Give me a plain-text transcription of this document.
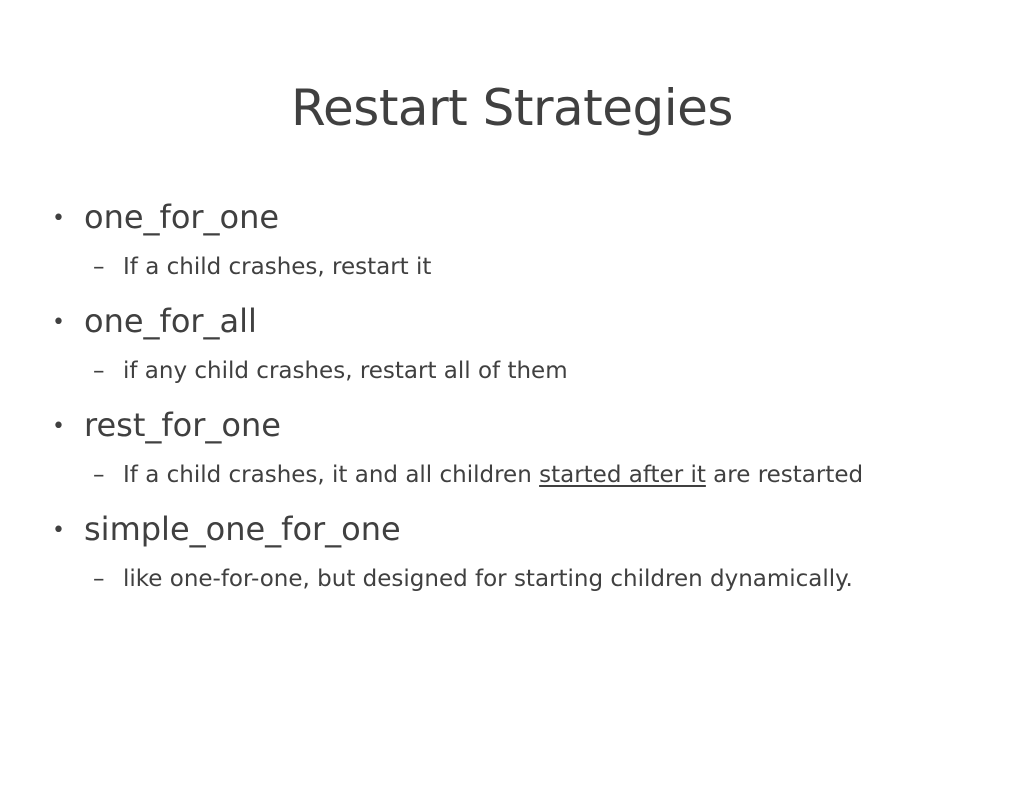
Restart Strategies
• one_for_one
– If a child crashes, restart it
• one_for_all
– if any child crashes, restart all of them
• rest_for_one
– If a child crashes, it and all children started after it are restarted
• simple_one_for_one
– like one-for-one, but designed for starting children dynamically.
